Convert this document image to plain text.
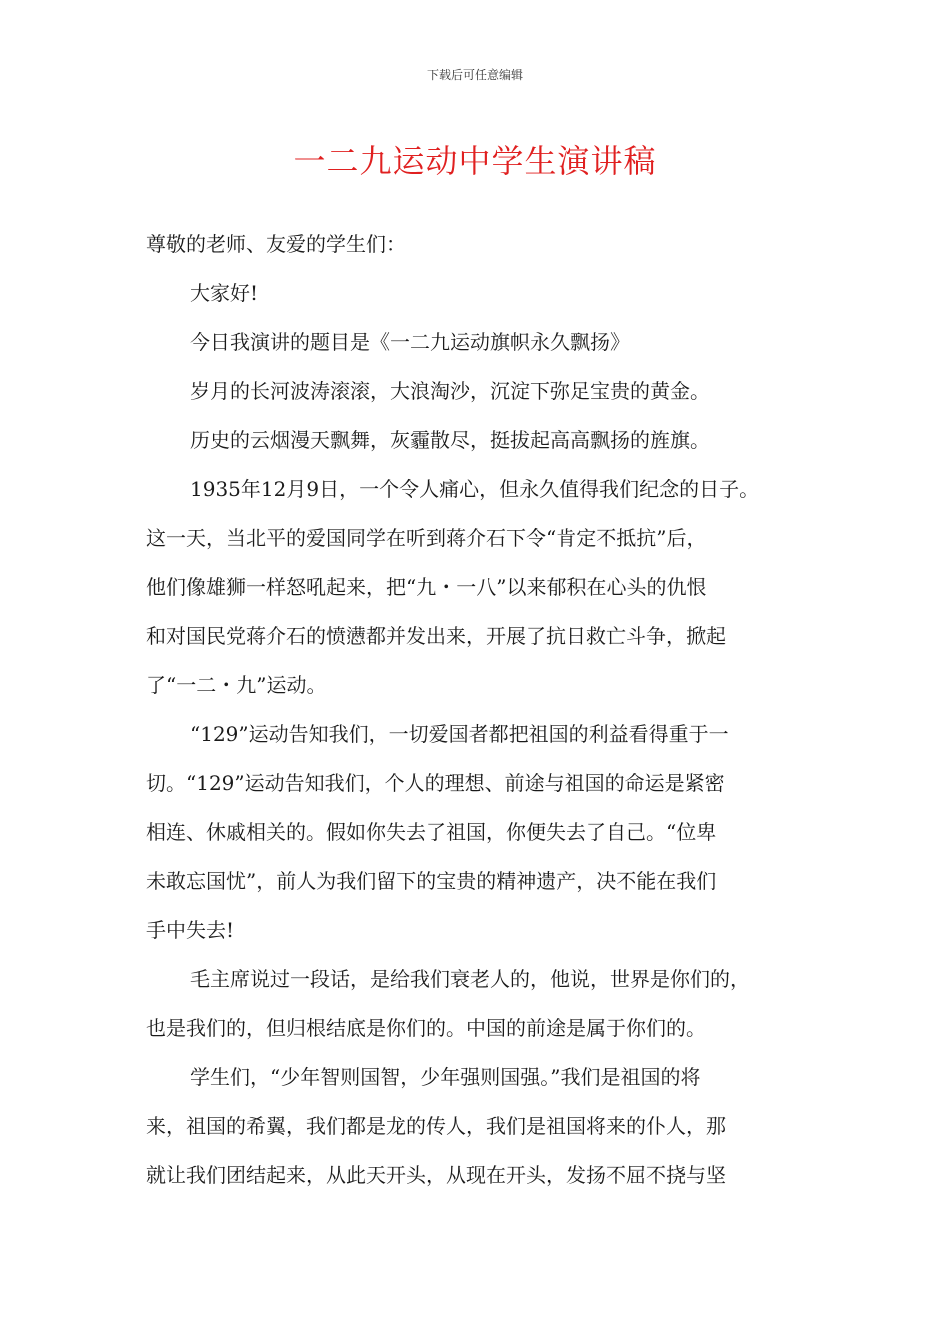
下载后可任意编辑
一二九运动中学生演讲稿
尊敬的老师、友爱的学生们：
大家好!
今日我演讲的题目是《一二九运动旗帜永久飘扬》
岁月的长河波涛滚滚，大浪淘沙，沉淀下弥足宝贵的黄金。
历史的云烟漫天飘舞，灰霾散尽，挺拔起高高飘扬的旌旗。
1935年12月9日，一个令人痛心，但永久值得我们纪念的日子。
这一天，当北平的爱国同学在听到蒋介石下令“肯定不抵抗”后，
他们像雄狮一样怒吼起来，把“九・一八”以来郁积在心头的仇恨
和对国民党蒋介石的愤懑都并发出来，开展了抗日救亡斗争，掀起
了“一二・九”运动。
“129”运动告知我们，一切爱国者都把祖国的利益看得重于一
切。“129”运动告知我们，个人的理想、前途与祖国的命运是紧密
相连、休戚相关的。假如你失去了祖国，你便失去了自己。“位卑
未敢忘国忧”，前人为我们留下的宝贵的精神遗产，决不能在我们
手中失去!
毛主席说过一段话，是给我们衰老人的，他说，世界是你们的，
也是我们的，但归根结底是你们的。中国的前途是属于你们的。
学生们，“少年智则国智，少年强则国强。”我们是祖国的将
来，祖国的希翼，我们都是龙的传人，我们是祖国将来的仆人，那
就让我们团结起来，从此天开头，从现在开头，发扬不屈不挠与坚
